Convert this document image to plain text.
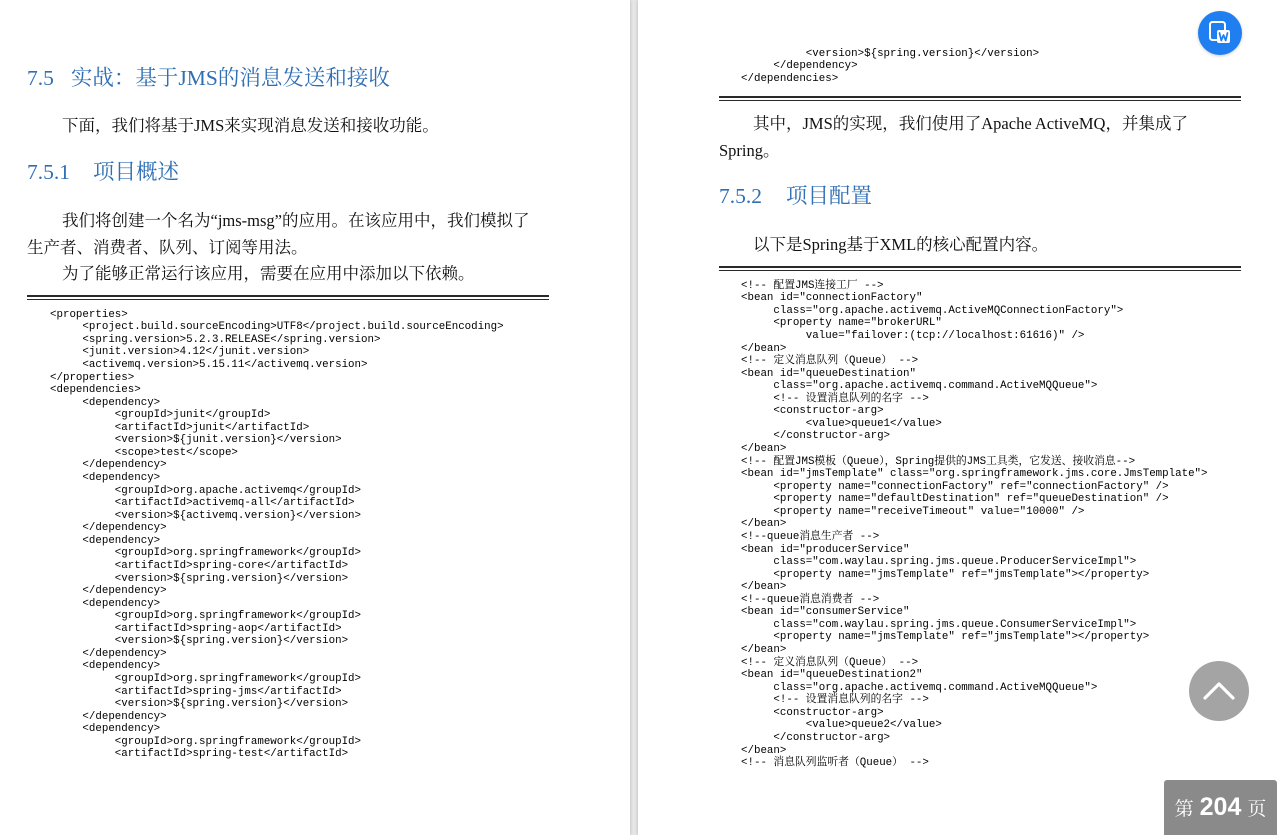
7.5 实战：基于JMS的消息发送和接收
下面，我们将基于JMS来实现消息发送和接收功能。
7.5.1 项目概述
我们将创建一个名为“jms-msg”的应用。在该应用中，我们模拟了
生产者、消费者、队列、订阅等用法。
为了能够正常运行该应用，需要在应用中添加以下依赖。
<properties>
	<project.build.sourceEncoding>UTF8</project.build.sourceEncoding>
	<spring.version>5.2.3.RELEASE</spring.version>
	<junit.version>4.12</junit.version>
	<activemq.version>5.15.11</activemq.version>
</properties>
<dependencies>
	<dependency>
		<groupId>junit</groupId>
		<artifactId>junit</artifactId>
		<version>${junit.version}</version>
		<scope>test</scope>
	</dependency>
	<dependency>
		<groupId>org.apache.activemq</groupId>
		<artifactId>activemq-all</artifactId>
		<version>${activemq.version}</version>
	</dependency>
	<dependency>
		<groupId>org.springframework</groupId>
		<artifactId>spring-core</artifactId>
		<version>${spring.version}</version>
	</dependency>
	<dependency>
		<groupId>org.springframework</groupId>
		<artifactId>spring-aop</artifactId>
		<version>${spring.version}</version>
	</dependency>
	<dependency>
		<groupId>org.springframework</groupId>
		<artifactId>spring-jms</artifactId>
		<version>${spring.version}</version>
	</dependency>
	<dependency>
		<groupId>org.springframework</groupId>
		<artifactId>spring-test</artifactId>
		<version>${spring.version}</version>
	</dependency>
</dependencies>
其中，JMS的实现，我们使用了Apache ActiveMQ，并集成了
Spring。
7.5.2 项目配置
以下是Spring基于XML的核心配置内容。
<!-- 配置JMS连接工厂 -->
<bean id="connectionFactory"
	class="org.apache.activemq.ActiveMQConnectionFactory">
	<property name="brokerURL"
		value="failover:(tcp://localhost:61616)" />
</bean>
<!-- 定义消息队列（Queue） -->
<bean id="queueDestination"
	class="org.apache.activemq.command.ActiveMQQueue">
	<!-- 设置消息队列的名字 -->
	<constructor-arg>
		<value>queue1</value>
	</constructor-arg>
</bean>
<!-- 配置JMS模板（Queue），Spring提供的JMS工具类，它发送、接收消息-->
<bean id="jmsTemplate" class="org.springframework.jms.core.JmsTemplate">
	<property name="connectionFactory" ref="connectionFactory" />
	<property name="defaultDestination" ref="queueDestination" />
	<property name="receiveTimeout" value="10000" />
</bean>
<!--queue消息生产者 -->
<bean id="producerService"
	class="com.waylau.spring.jms.queue.ProducerServiceImpl">
	<property name="jmsTemplate" ref="jmsTemplate"></property>
</bean>
<!--queue消息消费者 -->
<bean id="consumerService"
	class="com.waylau.spring.jms.queue.ConsumerServiceImpl">
	<property name="jmsTemplate" ref="jmsTemplate"></property>
</bean>
<!-- 定义消息队列（Queue） -->
<bean id="queueDestination2"
	class="org.apache.activemq.command.ActiveMQQueue">
	<!-- 设置消息队列的名字 -->
	<constructor-arg>
		<value>queue2</value>
	</constructor-arg>
</bean>
<!-- 消息队列监听者（Queue） -->
第 204 页
